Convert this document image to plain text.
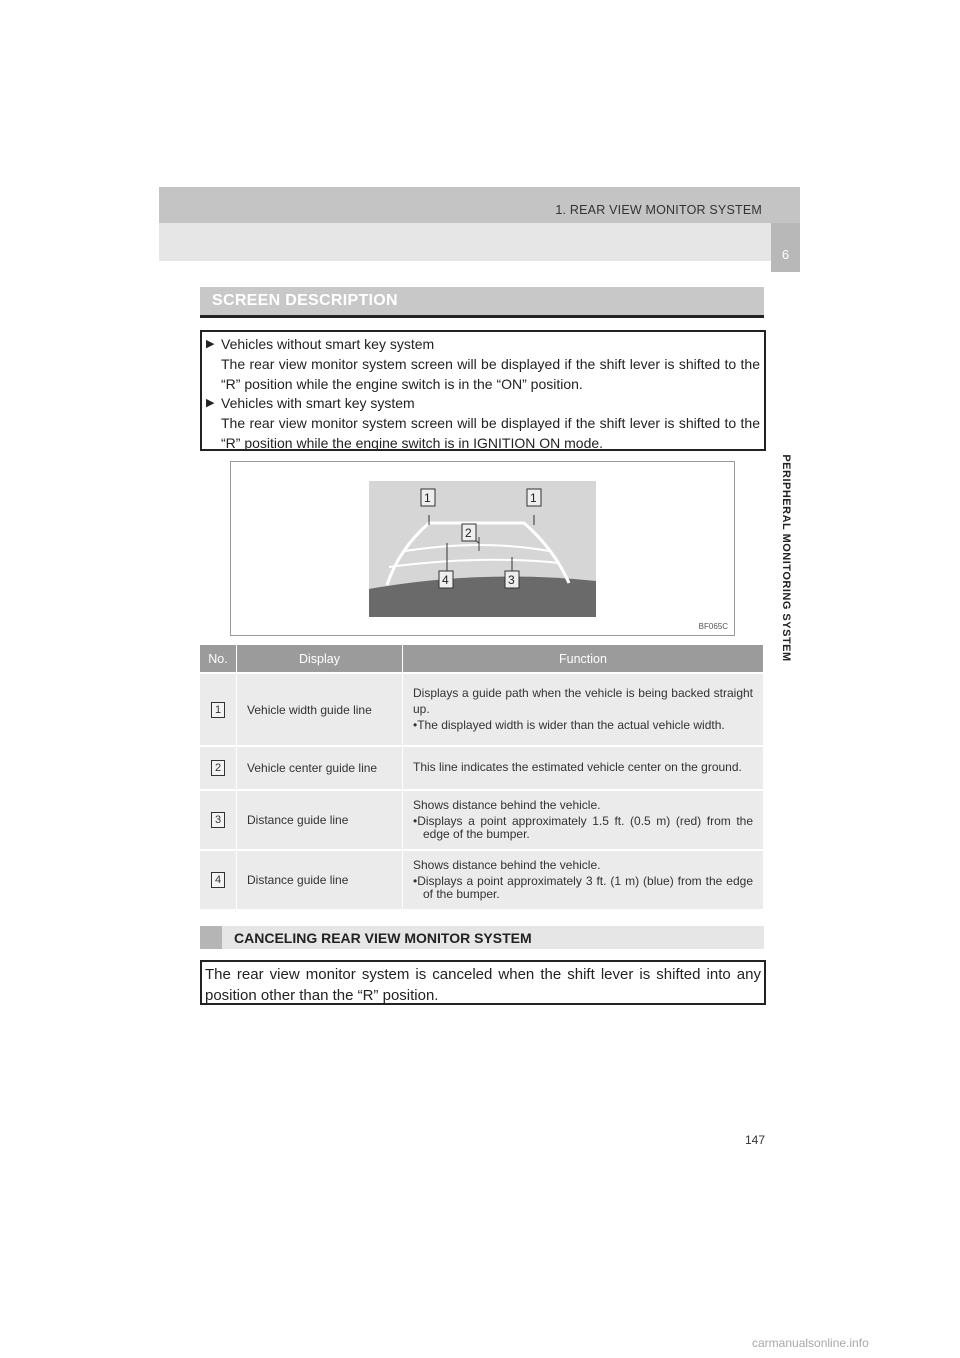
1. REAR VIEW MONITOR SYSTEM
6
PERIPHERAL MONITORING SYSTEM
SCREEN DESCRIPTION
▶ Vehicles without smart key system
The rear view monitor system screen will be displayed if the shift lever is shifted to the “R” position while the engine switch is in the “ON” position.
▶ Vehicles with smart key system
The rear view monitor system screen will be displayed if the shift lever is shifted to the “R” position while the engine switch is in IGNITION ON mode.
1	1
2
4	3
BF065C
No.	Display	Function
1	Vehicle width guide line	Displays a guide path when the vehicle is being backed straight up.

•The displayed width is wider than the actual vehicle width.

2	Vehicle center guide line	This line indicates the estimated vehicle center on the ground.

3	Distance guide line	Shows distance behind the vehicle.

•Displays a point approximately 1.5 ft. (0.5 m) (red) from the edge of the bumper.

4	Distance guide line	Shows distance behind the vehicle.

•Displays a point approximately 3 ft. (1 m) (blue) from the edge of the bumper.

CANCELING REAR VIEW MONITOR SYSTEM
The rear view monitor system is canceled when the shift lever is shifted into any position other than the “R” position.
147
carmanualsonline.info
